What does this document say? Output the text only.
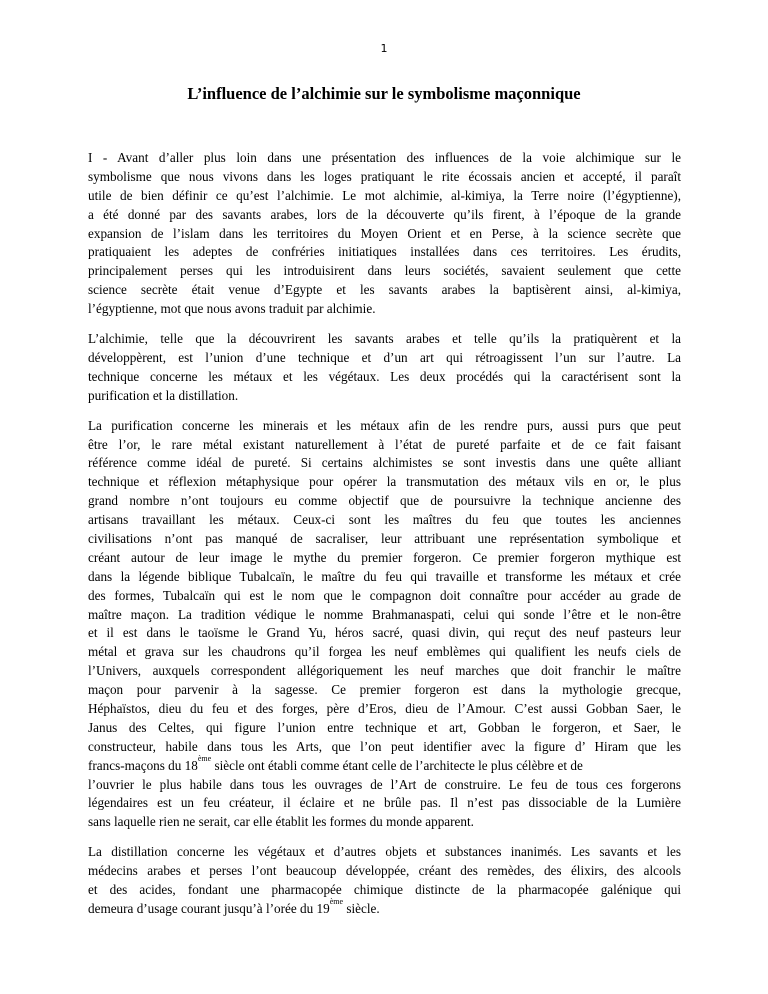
1
L’influence de l’alchimie sur le symbolisme maçonnique
I - Avant d’aller plus loin dans une présentation des influences de la voie alchimique sur le
symbolisme que nous vivons dans les loges pratiquant le rite écossais ancien et accepté, il paraît
utile de bien définir ce qu’est l’alchimie. Le mot alchimie, al-kimiya, la Terre noire (l’égyptienne),
a été donné par des savants arabes, lors de la découverte qu’ils firent, à l’époque de la grande
expansion de l’islam dans les territoires du Moyen Orient et en Perse, à la science secrète que
pratiquaient les adeptes de confréries initiatiques installées dans ces territoires. Les érudits,
principalement perses qui les introduisirent dans leurs sociétés, savaient seulement que cette
science secrète était venue d’Egypte et les savants arabes la baptisèrent ainsi, al-kimiya,
l’égyptienne, mot que nous avons traduit par alchimie.
L’alchimie, telle que la découvrirent les savants arabes et telle qu’ils la pratiquèrent et la
développèrent, est l’union d’une technique et d’un art qui rétroagissent l’un sur l’autre. La
technique concerne les métaux et les végétaux. Les deux procédés qui la caractérisent sont la
purification et la distillation.
La purification concerne les minerais et les métaux afin de les rendre purs, aussi purs que peut
être l’or, le rare métal existant naturellement à l’état de pureté parfaite et de ce fait faisant
référence comme idéal de pureté. Si certains alchimistes se sont investis dans une quête alliant
technique et réflexion métaphysique pour opérer la transmutation des métaux vils en or, le plus
grand nombre n’ont toujours eu comme objectif que de poursuivre la technique ancienne des
artisans travaillant les métaux. Ceux-ci sont les maîtres du feu que toutes les anciennes
civilisations n’ont pas manqué de sacraliser, leur attribuant une représentation symbolique et
créant autour de leur image le mythe du premier forgeron. Ce premier forgeron mythique est
dans la légende biblique Tubalcaïn, le maître du feu qui travaille et transforme les métaux et crée
des formes, Tubalcaïn qui est le nom que le compagnon doit connaître pour accéder au grade de
maître maçon. La tradition védique le nomme Brahmanaspati, celui qui sonde l’être et le non-être
et il est dans le taoïsme le Grand Yu, héros sacré, quasi divin, qui reçut des neuf pasteurs leur
métal et grava sur les chaudrons qu’il forgea les neuf emblèmes qui qualifient les neufs ciels de
l’Univers, auxquels correspondent allégoriquement les neuf marches que doit franchir le maître
maçon pour parvenir à la sagesse. Ce premier forgeron est dans la mythologie grecque,
Héphaïstos, dieu du feu et des forges, père d’Eros, dieu de l’Amour. C’est aussi Gobban Saer, le
Janus des Celtes, qui figure l’union entre technique et art, Gobban le forgeron, et Saer, le
constructeur, habile dans tous les Arts, que l’on peut identifier avec la figure d’ Hiram que les
francs-maçons du 18ème siècle ont établi comme étant celle de l’architecte le plus célèbre et de
l’ouvrier le plus habile dans tous les ouvrages de l’Art de construire. Le feu de tous ces forgerons
légendaires est un feu créateur, il éclaire et ne brûle pas. Il n’est pas dissociable de la Lumière
sans laquelle rien ne serait, car elle établit les formes du monde apparent.
La distillation concerne les végétaux et d’autres objets et substances inanimés. Les savants et les
médecins arabes et perses l’ont beaucoup développée, créant des remèdes, des élixirs, des alcools
et des acides, fondant une pharmacopée chimique distincte de la pharmacopée galénique qui
demeura d’usage courant jusqu’à l’orée du 19ème siècle.
